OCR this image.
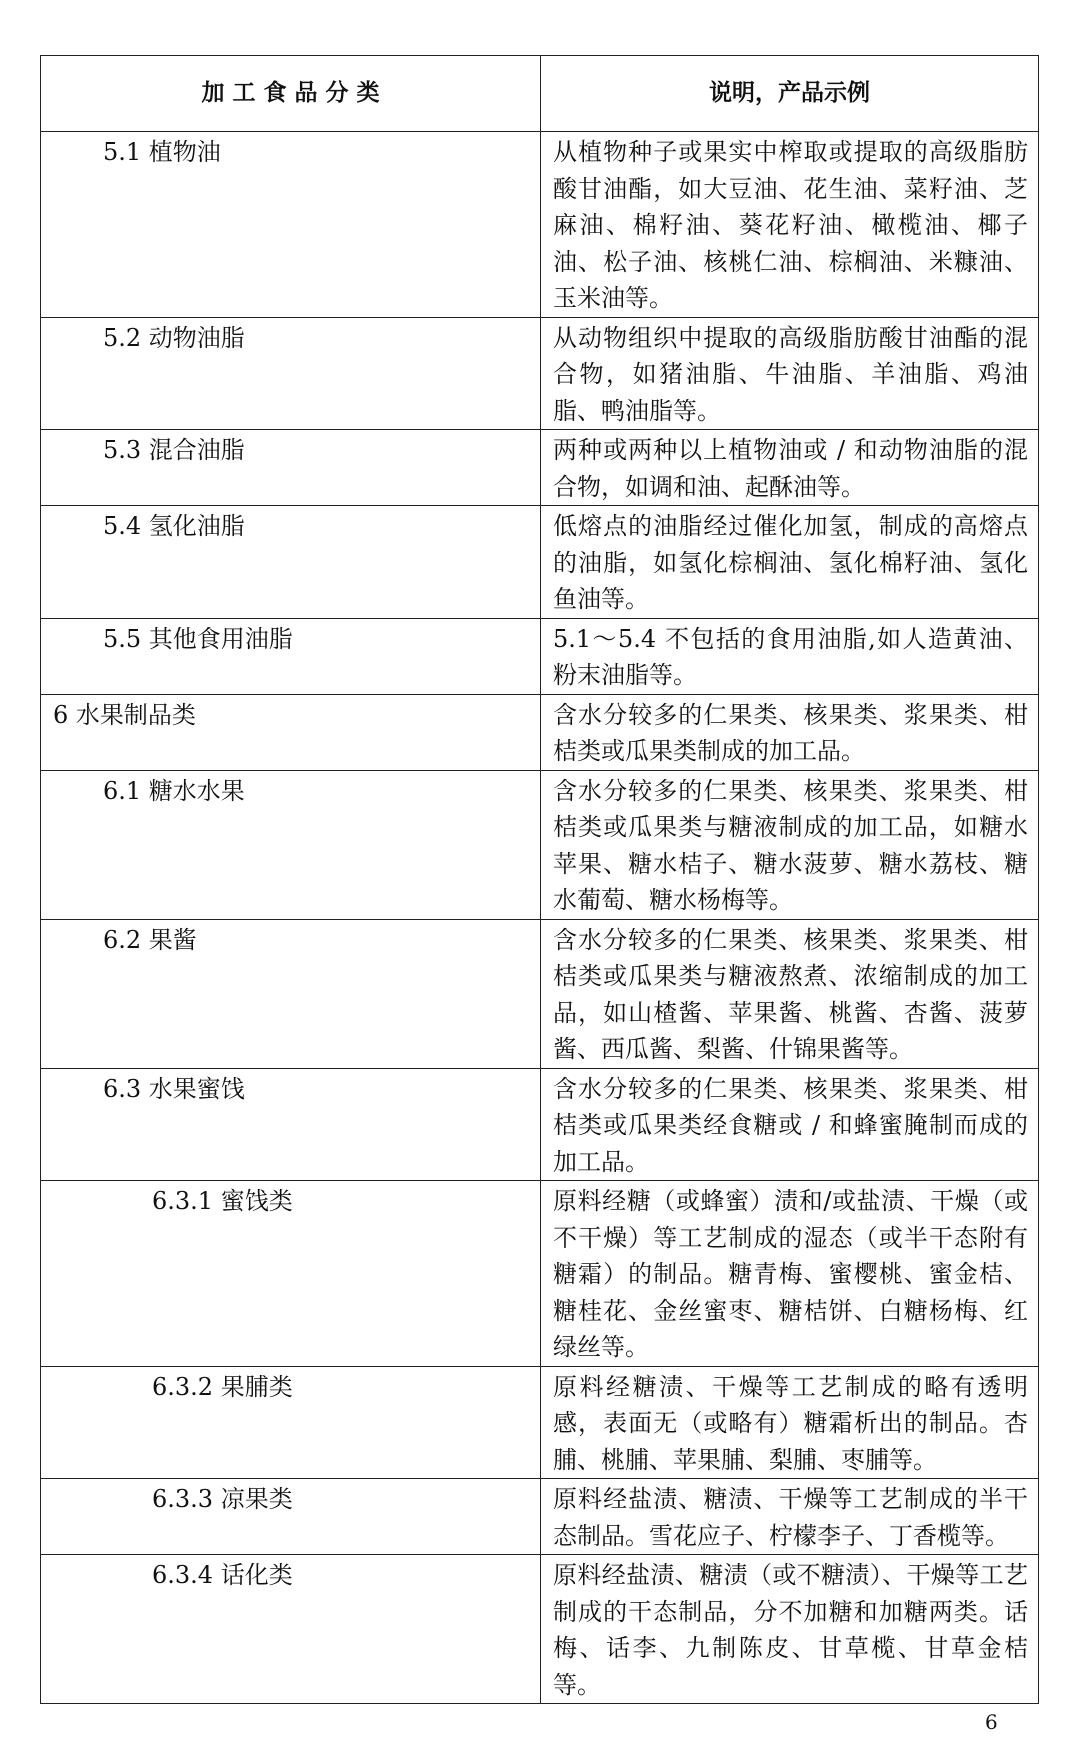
加 工 食 品 分 类	说明，产品示例
5.1 植物油	从植物种子或果实中榨取或提取的高级脂肪酸甘油酯，如大豆油、花生油、菜籽油、芝麻油、棉籽油、葵花籽油、橄榄油、椰子油、松子油、核桃仁油、棕榈油、米糠油、玉米油等。
5.2 动物油脂	从动物组织中提取的高级脂肪酸甘油酯的混合物，如猪油脂、牛油脂、羊油脂、鸡油脂、鸭油脂等。
5.3 混合油脂	两种或两种以上植物油或 / 和动物油脂的混合物，如调和油、起酥油等。
5.4 氢化油脂	低熔点的油脂经过催化加氢，制成的高熔点的油脂，如氢化棕榈油、氢化棉籽油、氢化鱼油等。
5.5 其他食用油脂	5.1～5.4 不包括的食用油脂,如人造黄油、粉末油脂等。
6 水果制品类	含水分较多的仁果类、核果类、浆果类、柑桔类或瓜果类制成的加工品。
6.1 糖水水果	含水分较多的仁果类、核果类、浆果类、柑桔类或瓜果类与糖液制成的加工品，如糖水苹果、糖水桔子、糖水菠萝、糖水荔枝、糖水葡萄、糖水杨梅等。
6.2 果酱	含水分较多的仁果类、核果类、浆果类、柑桔类或瓜果类与糖液熬煮、浓缩制成的加工品，如山楂酱、苹果酱、桃酱、杏酱、菠萝酱、西瓜酱、梨酱、什锦果酱等。
6.3 水果蜜饯	含水分较多的仁果类、核果类、浆果类、柑桔类或瓜果类经食糖或 / 和蜂蜜腌制而成的加工品。
6.3.1 蜜饯类	原料经糖（或蜂蜜）渍和/或盐渍、干燥（或不干燥）等工艺制成的湿态（或半干态附有糖霜）的制品。糖青梅、蜜樱桃、蜜金桔、糖桂花、金丝蜜枣、糖桔饼、白糖杨梅、红绿丝等。
6.3.2 果脯类	原料经糖渍、干燥等工艺制成的略有透明感，表面无（或略有）糖霜析出的制品。杏脯、桃脯、苹果脯、梨脯、枣脯等。
6.3.3 凉果类	原料经盐渍、糖渍、干燥等工艺制成的半干态制品。雪花应子、柠檬李子、丁香榄等。
6.3.4 话化类	原料经盐渍、糖渍（或不糖渍）、干燥等工艺制成的干态制品，分不加糖和加糖两类。话梅、话李、九制陈皮、甘草榄、甘草金桔等。
6
